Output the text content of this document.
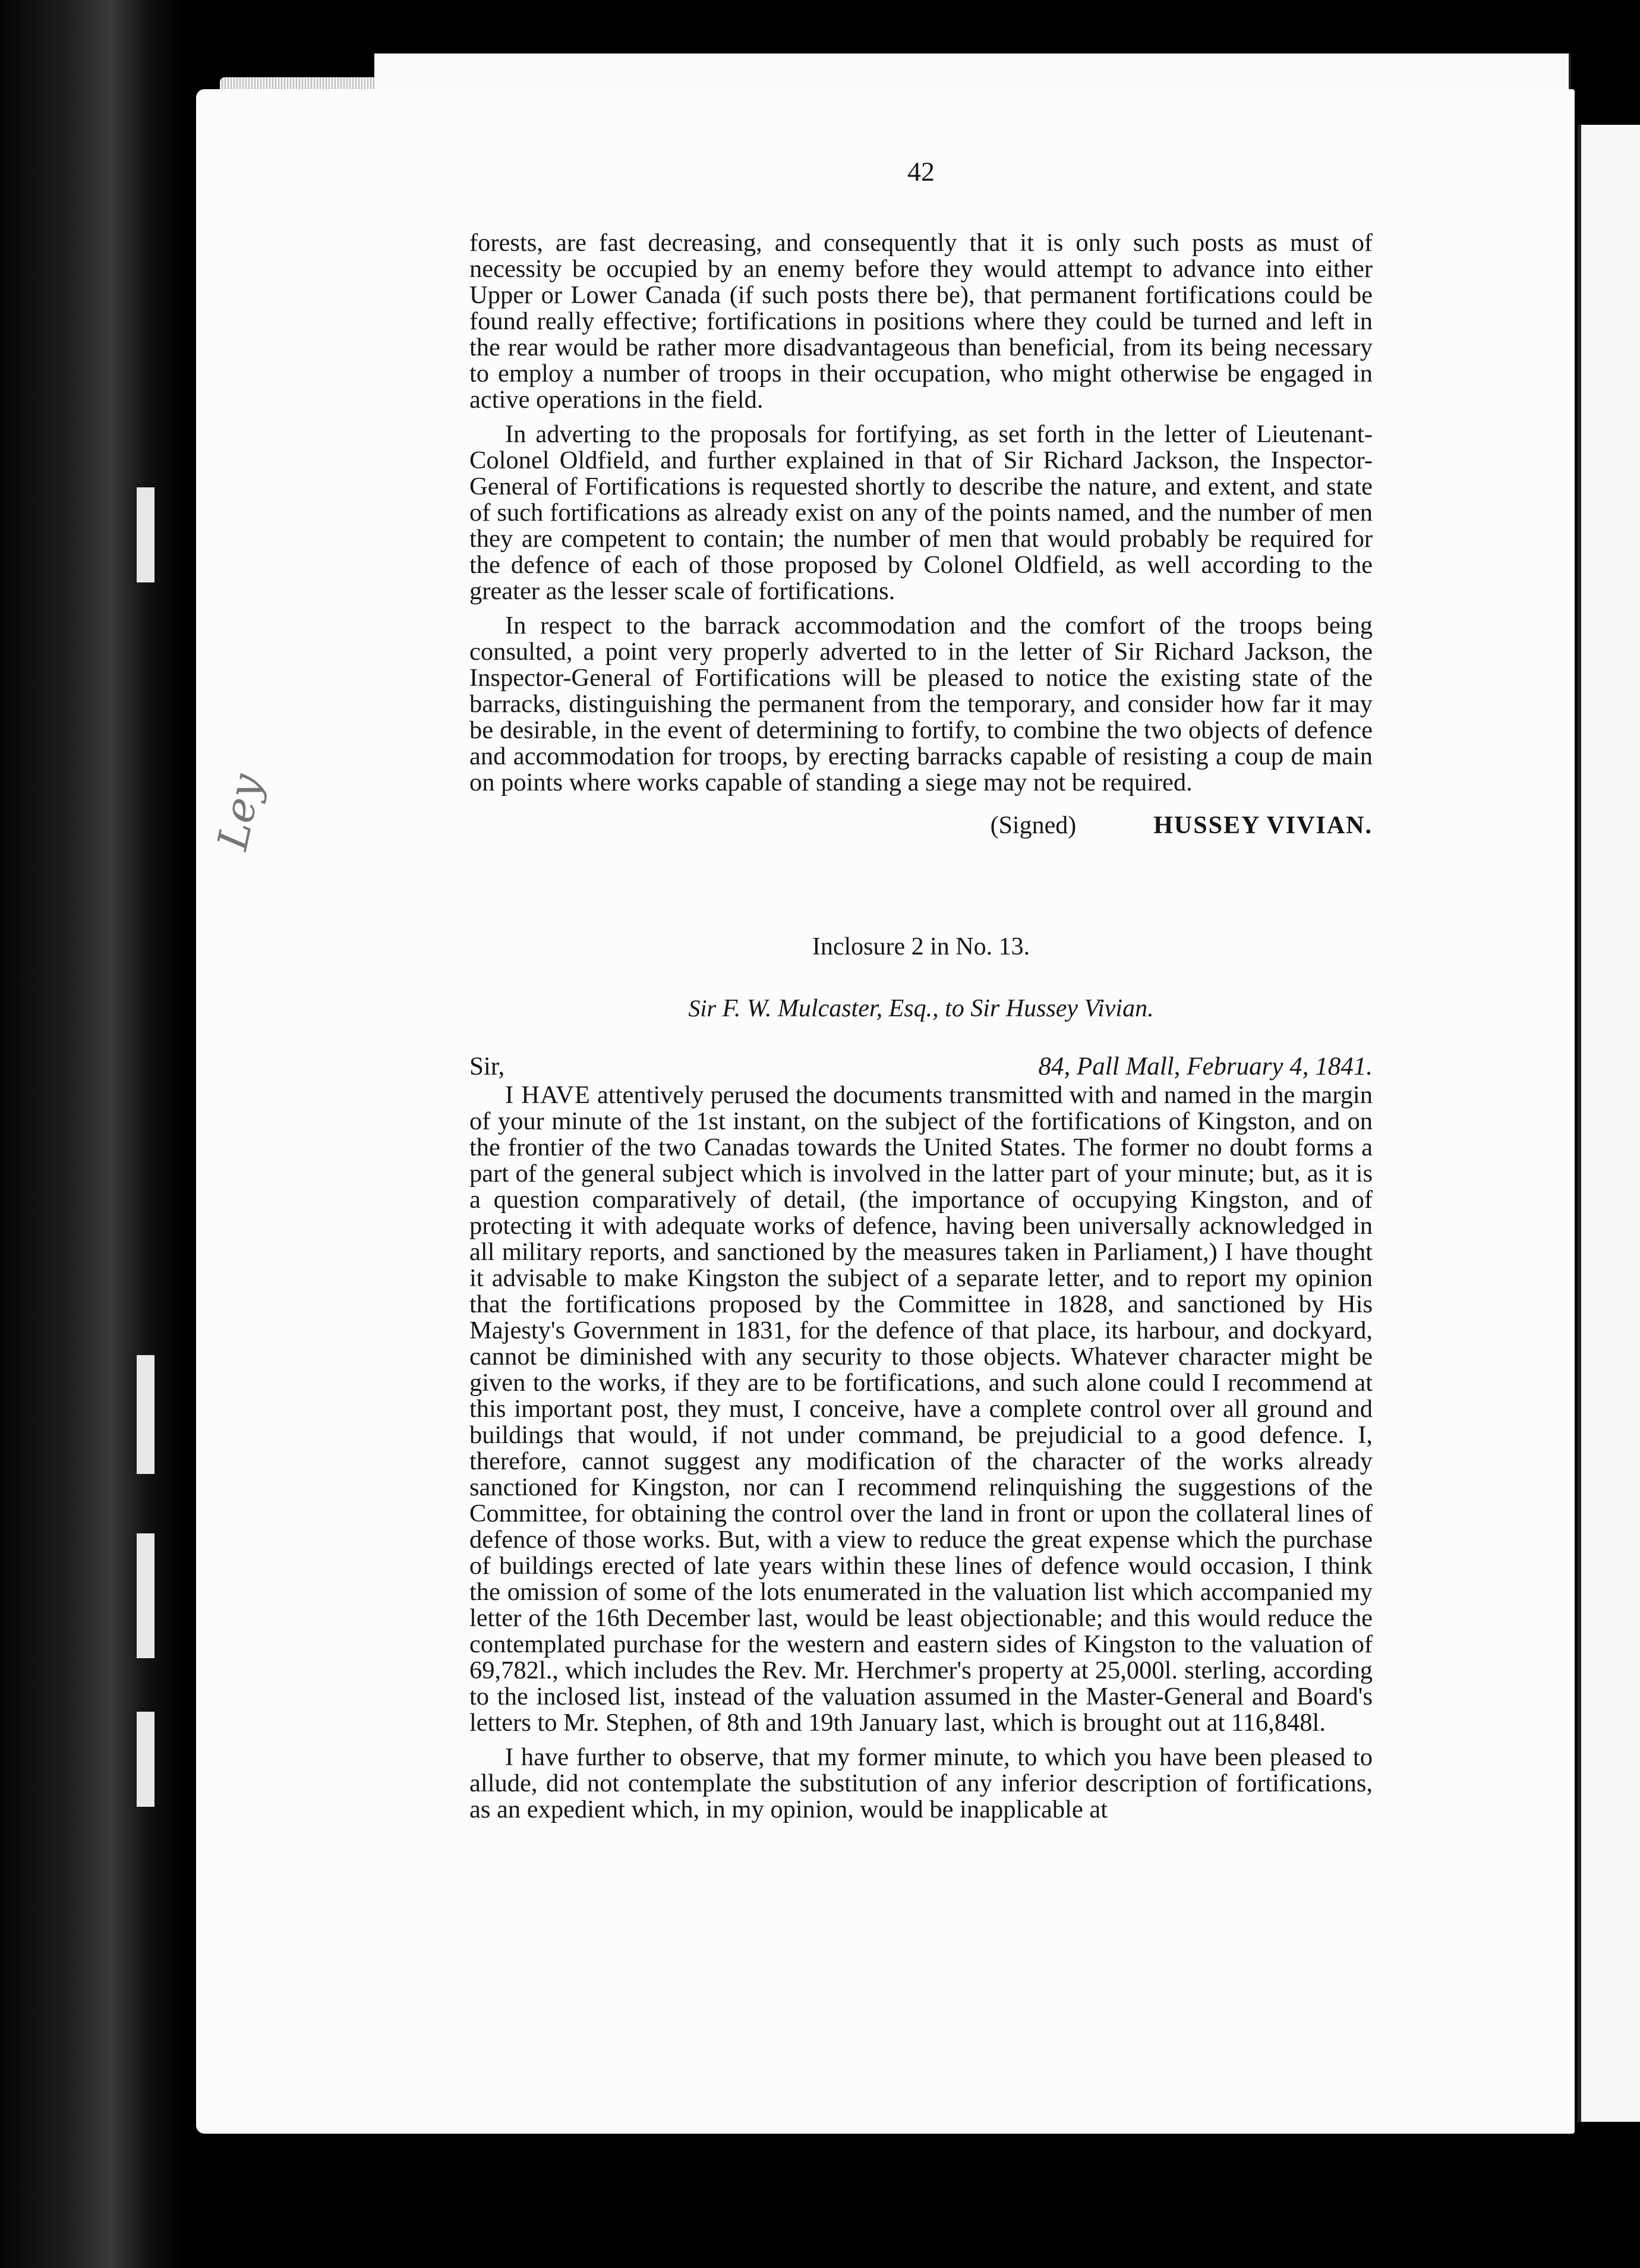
Ley
42

forests, are fast decreasing, and consequently that it is only such posts as must of necessity be occupied by an enemy before they would attempt to advance into either Upper or Lower Canada (if such posts there be), that permanent fortifications could be found really effective; fortifications in positions where they could be turned and left in the rear would be rather more disadvantageous than beneficial, from its being necessary to employ a number of troops in their occupation, who might otherwise be engaged in active operations in the field.

In adverting to the proposals for fortifying, as set forth in the letter of Lieutenant-Colonel Oldfield, and further explained in that of Sir Richard Jackson, the Inspector-General of Fortifications is requested shortly to describe the nature, and extent, and state of such fortifications as already exist on any of the points named, and the number of men they are competent to contain; the number of men that would probably be required for the defence of each of those proposed by Colonel Oldfield, as well according to the greater as the lesser scale of fortifications.

In respect to the barrack accommodation and the comfort of the troops being consulted, a point very properly adverted to in the letter of Sir Richard Jackson, the Inspector-General of Fortifications will be pleased to notice the existing state of the barracks, distinguishing the permanent from the temporary, and consider how far it may be desirable, in the event of determining to fortify, to combine the two objects of defence and accommodation for troops, by erecting barracks capable of resisting a coup de main on points where works capable of standing a siege may not be required.

(Signed)	HUSSEY VIVIAN.
Inclosure 2 in No. 13.
Sir F. W. Mulcaster, Esq., to Sir Hussey Vivian.
Sir,	84, Pall Mall, February 4, 1841.

I HAVE attentively perused the documents transmitted with and named in the margin of your minute of the 1st instant, on the subject of the fortifications of Kingston, and on the frontier of the two Canadas towards the United States. The former no doubt forms a part of the general subject which is involved in the latter part of your minute; but, as it is a question comparatively of detail, (the importance of occupying Kingston, and of protecting it with adequate works of defence, having been universally acknowledged in all military reports, and sanctioned by the measures taken in Parliament,) I have thought it advisable to make Kingston the subject of a separate letter, and to report my opinion that the fortifications proposed by the Committee in 1828, and sanctioned by His Majesty's Government in 1831, for the defence of that place, its harbour, and dockyard, cannot be diminished with any security to those objects. Whatever character might be given to the works, if they are to be fortifications, and such alone could I recommend at this important post, they must, I conceive, have a complete control over all ground and buildings that would, if not under command, be prejudicial to a good defence. I, therefore, cannot suggest any modification of the character of the works already sanctioned for Kingston, nor can I recommend relinquishing the suggestions of the Committee, for obtaining the control over the land in front or upon the collateral lines of defence of those works. But, with a view to reduce the great expense which the purchase of buildings erected of late years within these lines of defence would occasion, I think the omission of some of the lots enumerated in the valuation list which accompanied my letter of the 16th December last, would be least objectionable; and this would reduce the contemplated purchase for the western and eastern sides of Kingston to the valuation of 69,782l., which includes the Rev. Mr. Herchmer's property at 25,000l. sterling, according to the inclosed list, instead of the valuation assumed in the Master-General and Board's letters to Mr. Stephen, of 8th and 19th January last, which is brought out at 116,848l.

I have further to observe, that my former minute, to which you have been pleased to allude, did not contemplate the substitution of any inferior description of fortifications, as an expedient which, in my opinion, would be inapplicable at
